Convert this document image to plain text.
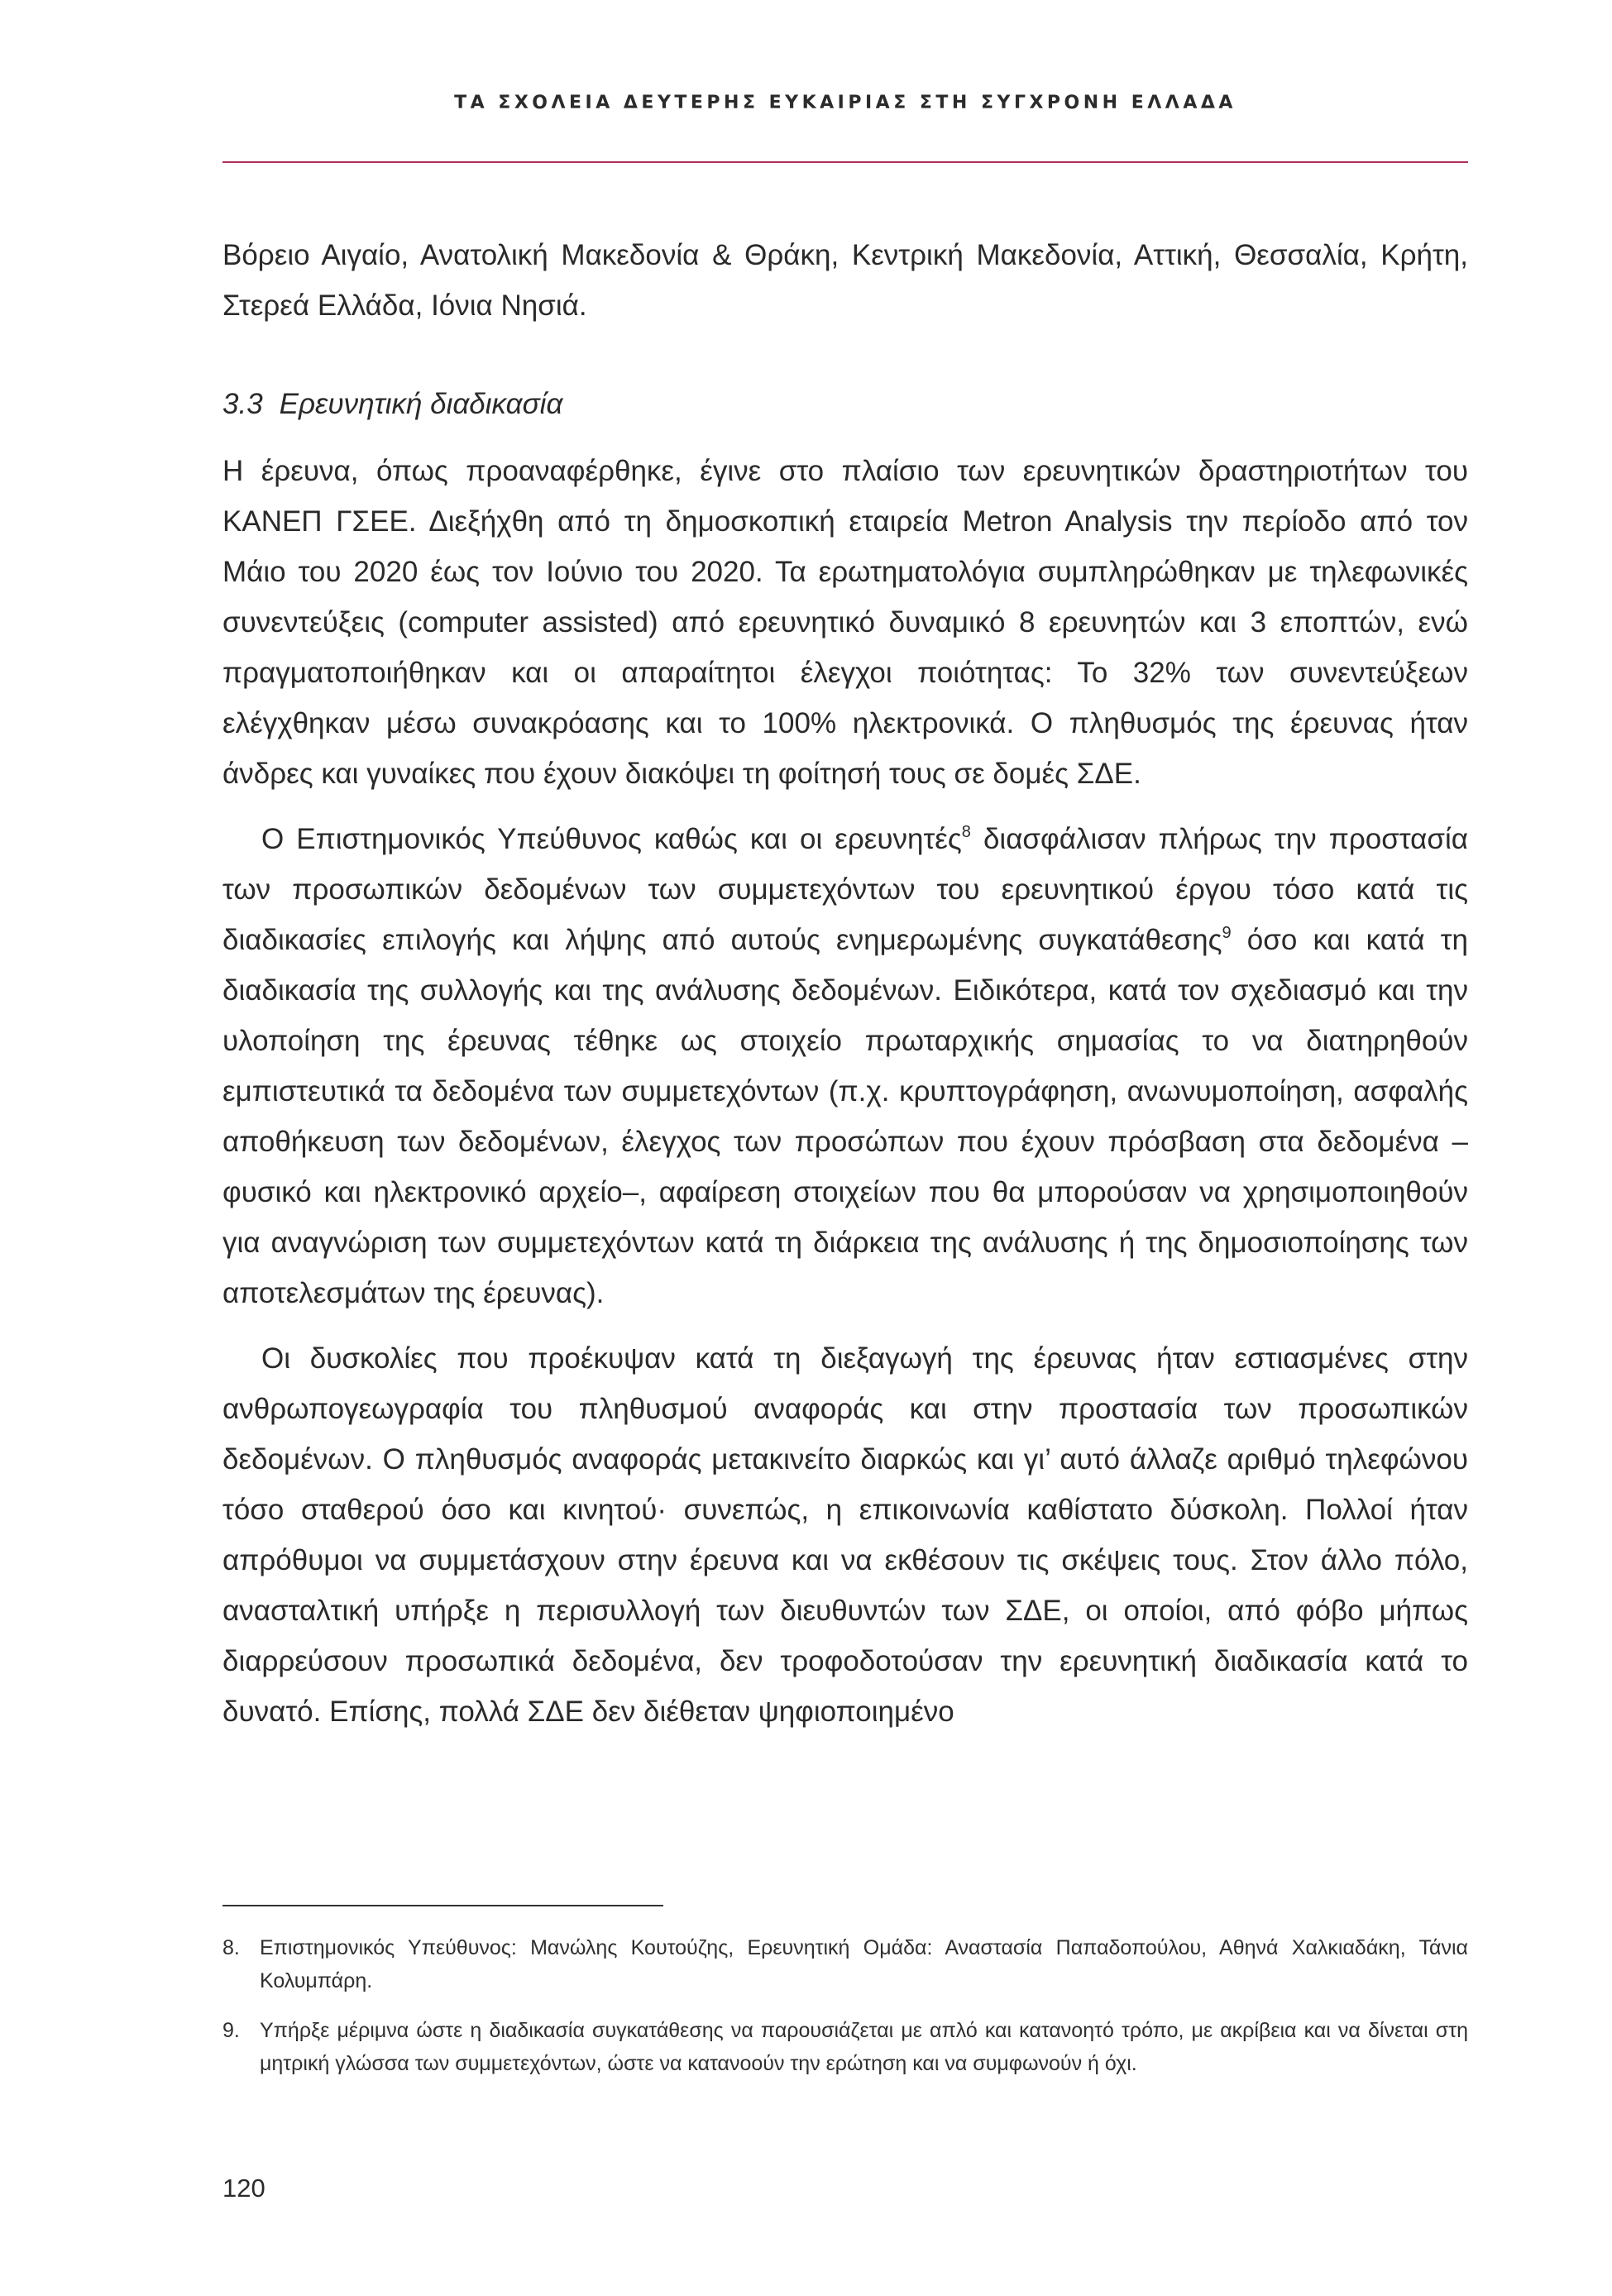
ΤΑ ΣΧΟΛΕΙΑ ΔΕΥΤΕΡΗΣ ΕΥΚΑΙΡΙΑΣ ΣΤΗ ΣΥΓΧΡΟΝΗ ΕΛΛΑΔΑ

Βόρειο Αιγαίο, Ανατολική Μακεδονία & Θράκη, Κεντρική Μακεδονία, Αττική, Θεσσαλία, Κρήτη, Στερεά Ελλάδα, Ιόνια Νησιά.

3.3 Ερευνητική διαδικασία

Η έρευνα, όπως προαναφέρθηκε, έγινε στο πλαίσιο των ερευνητικών δραστηριοτήτων του ΚΑΝΕΠ ΓΣΕΕ. Διεξήχθη από τη δημοσκοπική εταιρεία Metron Analysis την περίοδο από τον Μάιο του 2020 έως τον Ιούνιο του 2020. Τα ερωτηματολόγια συμπληρώθηκαν με τηλεφωνικές συνεντεύξεις (computer assisted) από ερευνητικό δυναμικό 8 ερευνητών και 3 εποπτών, ενώ πραγματοποιήθηκαν και οι απαραίτητοι έλεγχοι ποιότητας: Το 32% των συνεντεύξεων ελέγχθηκαν μέσω συνακρόασης και το 100% ηλεκτρονικά. Ο πληθυσμός της έρευνας ήταν άνδρες και γυναίκες που έχουν διακόψει τη φοίτησή τους σε δομές ΣΔΕ.

Ο Επιστημονικός Υπεύθυνος καθώς και οι ερευνητές$^8$ διασφάλισαν πλήρως την προστασία των προσωπικών δεδομένων των συμμετεχόντων του ερευνητικού έργου τόσο κατά τις διαδικασίες επιλογής και λήψης από αυτούς ενημερωμένης συγκατάθεσης$^9$ όσο και κατά τη διαδικασία της συλλογής και της ανάλυσης δεδομένων. Ειδικότερα, κατά τον σχεδιασμό και την υλοποίηση της έρευνας τέθηκε ως στοιχείο πρωταρχικής σημασίας το να διατηρηθούν εμπιστευτικά τα δεδομένα των συμμετεχόντων (π.χ. κρυπτογράφηση, ανωνυμοποίηση, ασφαλής αποθήκευση των δεδομένων, έλεγχος των προσώπων που έχουν πρόσβαση στα δεδομένα –φυσικό και ηλεκτρονικό αρχείο–, αφαίρεση στοιχείων που θα μπορούσαν να χρησιμοποιηθούν για αναγνώριση των συμμετεχόντων κατά τη διάρκεια της ανάλυσης ή της δημοσιοποίησης των αποτελεσμάτων της έρευνας).

Οι δυσκολίες που προέκυψαν κατά τη διεξαγωγή της έρευνας ήταν εστιασμένες στην ανθρωπογεωγραφία του πληθυσμού αναφοράς και στην προστασία των προσωπικών δεδομένων. Ο πληθυσμός αναφοράς μετακινείτο διαρκώς και γι’ αυτό άλλαζε αριθμό τηλεφώνου τόσο σταθερού όσο και κινητού· συνεπώς, η επικοινωνία καθίστατο δύσκολη. Πολλοί ήταν απρόθυμοι να συμμετάσχουν στην έρευνα και να εκθέσουν τις σκέψεις τους. Στον άλλο πόλο, ανασταλτική υπήρξε η περισυλλογή των διευθυντών των ΣΔΕ, οι οποίοι, από φόβο μήπως διαρρεύσουν προσωπικά δεδομένα, δεν τροφοδοτούσαν την ερευνητική διαδικασία κατά το δυνατό. Επίσης, πολλά ΣΔΕ δεν διέθεταν ψηφιοποιημένο

8. Επιστημονικός Υπεύθυνος: Μανώλης Κουτούζης, Ερευνητική Ομάδα: Αναστασία Παπαδοπούλου, Αθηνά Χαλκιαδάκη, Τάνια Κολυμπάρη.
9. Υπήρξε μέριμνα ώστε η διαδικασία συγκατάθεσης να παρουσιάζεται με απλό και κατανοητό τρόπο, με ακρίβεια και να δίνεται στη μητρική γλώσσα των συμμετεχόντων, ώστε να κατανοούν την ερώτηση και να συμφωνούν ή όχι.
120
